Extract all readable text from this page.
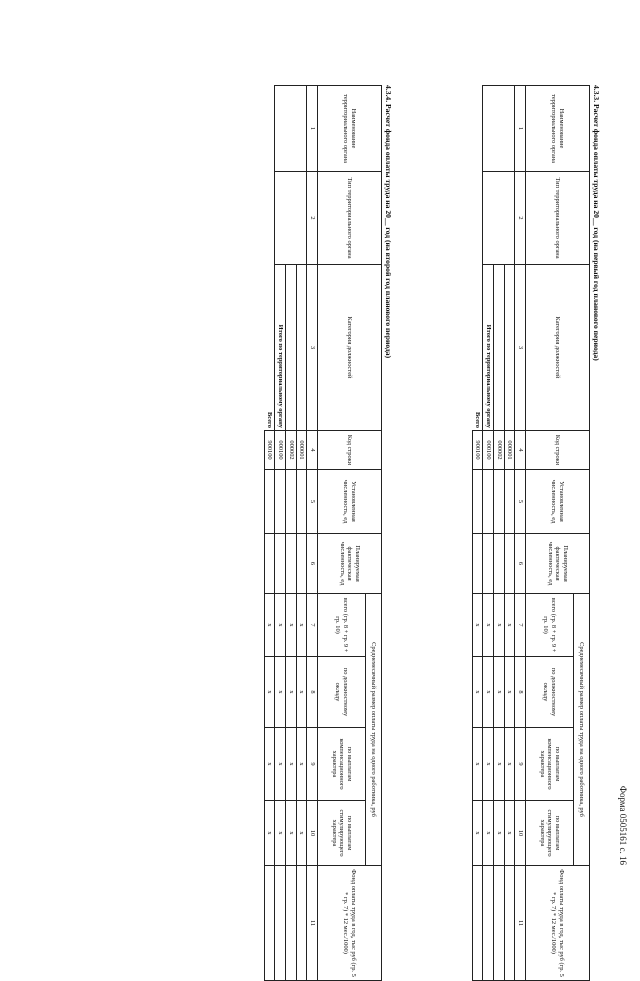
Форма 0505161 с. 16
4.3.3. Расчет фонда оплаты труда на 20__ год (на первый год планового периода)
Наименование территориального органа	Тип территориального органа	Категория должностей	Код строки	Установленная численность, ед	Планируемая фактическая численность, ед	Среднемесячный размер оплаты труда на одного работника, руб				Фонд оплаты труда в год, тыс руб (гр. 5 * гр. 7) * 12 мес./1000)
						всего (гр. 8 + гр. 9 + гр. 10)	по должностному окладу	по выплатам компенсационного характера	по выплатам стимулирующего характера	
1	2	3	4	5	6	7	8	9	10	11
			000001			x	x	x	x	
			000002			x	x	x	x	
		Итого по территориальному органу	000100			x	x	x	x	
Всего			900100			x	x	x	x	
4.3.4. Расчет фонда оплаты труда на 20__ год (на второй год планового периода)
Наименование территориального органа	Тип территориального органа	Категория должностей	Код строки	Установленная численность, ед	Планируемая фактическая численность, ед	Среднемесячный размер оплаты труда на одного работника, руб				Фонд оплаты труда в год, тыс руб (гр. 5 * гр. 7) * 12 мес./1000)
						всего (гр. 8 + гр. 9 + гр. 10)	по должностному окладу	по выплатам компенсационного характера	по выплатам стимулирующего характера	
1	2	3	4	5	6	7	8	9	10	11
			000001			x	x	x	x	
			000002			x	x	x	x	
		Итого по территориальному органу	000100			x	x	x	x	
Всего			900100			x	x	x	x	
